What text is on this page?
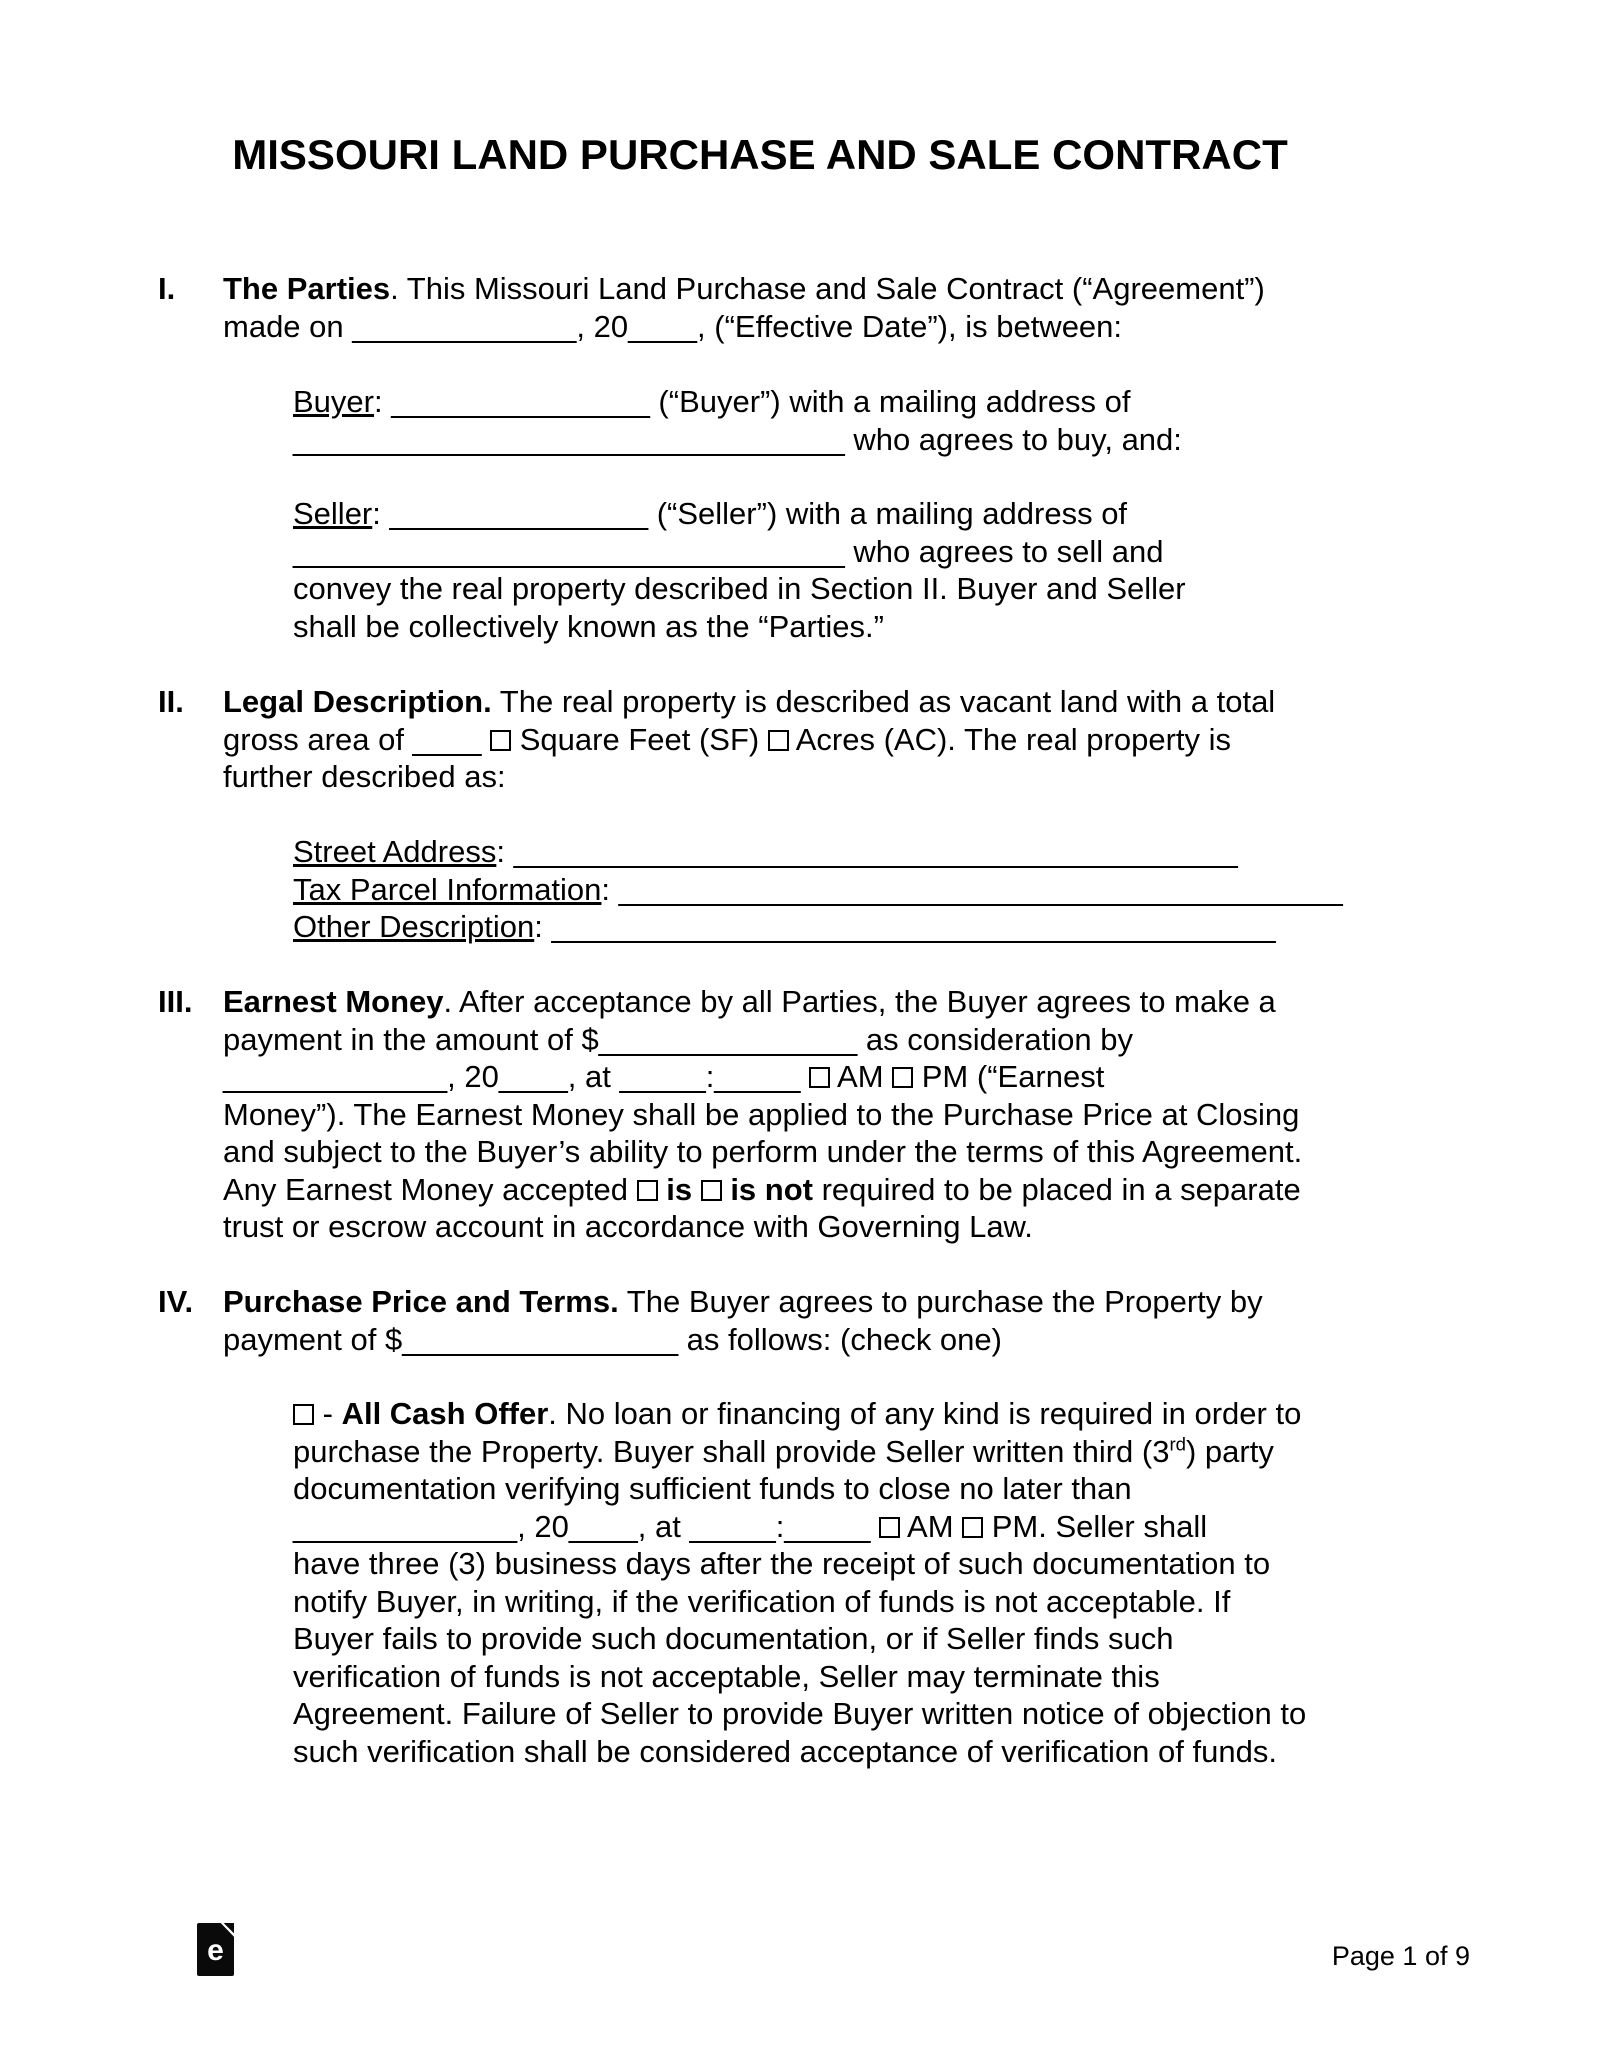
MISSOURI LAND PURCHASE AND SALE CONTRACT
I. The Parties. This Missouri Land Purchase and Sale Contract (“Agreement”)
made on _____________, 20____, (“Effective Date”), is between:
Buyer: _______________ (“Buyer”) with a mailing address of
________________________________ who agrees to buy, and:
Seller: _______________ (“Seller”) with a mailing address of
________________________________ who agrees to sell and
convey the real property described in Section II. Buyer and Seller
shall be collectively known as the “Parties.”
II. Legal Description. The real property is described as vacant land with a total
gross area of ____  Square Feet (SF)  Acres (AC). The real property is
further described as:
Street Address: __________________________________________
Tax Parcel Information: __________________________________________
Other Description: __________________________________________
III. Earnest Money. After acceptance by all Parties, the Buyer agrees to make a
payment in the amount of $_______________ as consideration by
_____________, 20____, at _____:_____  AM  PM (“Earnest
Money”). The Earnest Money shall be applied to the Purchase Price at Closing
and subject to the Buyer’s ability to perform under the terms of this Agreement.
Any Earnest Money accepted  is is not required to be placed in a separate
trust or escrow account in accordance with Governing Law.
IV. Purchase Price and Terms. The Buyer agrees to purchase the Property by
payment of $________________ as follows: (check one)
- All Cash Offer. No loan or financing of any kind is required in order to
purchase the Property. Buyer shall provide Seller written third (3rd) party
documentation verifying sufficient funds to close no later than
_____________, 20____, at _____:_____  AM  PM. Seller shall
have three (3) business days after the receipt of such documentation to
notify Buyer, in writing, if the verification of funds is not acceptable. If
Buyer fails to provide such documentation, or if Seller finds such
verification of funds is not acceptable, Seller may terminate this
Agreement. Failure of Seller to provide Buyer written notice of objection to
such verification shall be considered acceptance of verification of funds.
e	Page 1 of 9
